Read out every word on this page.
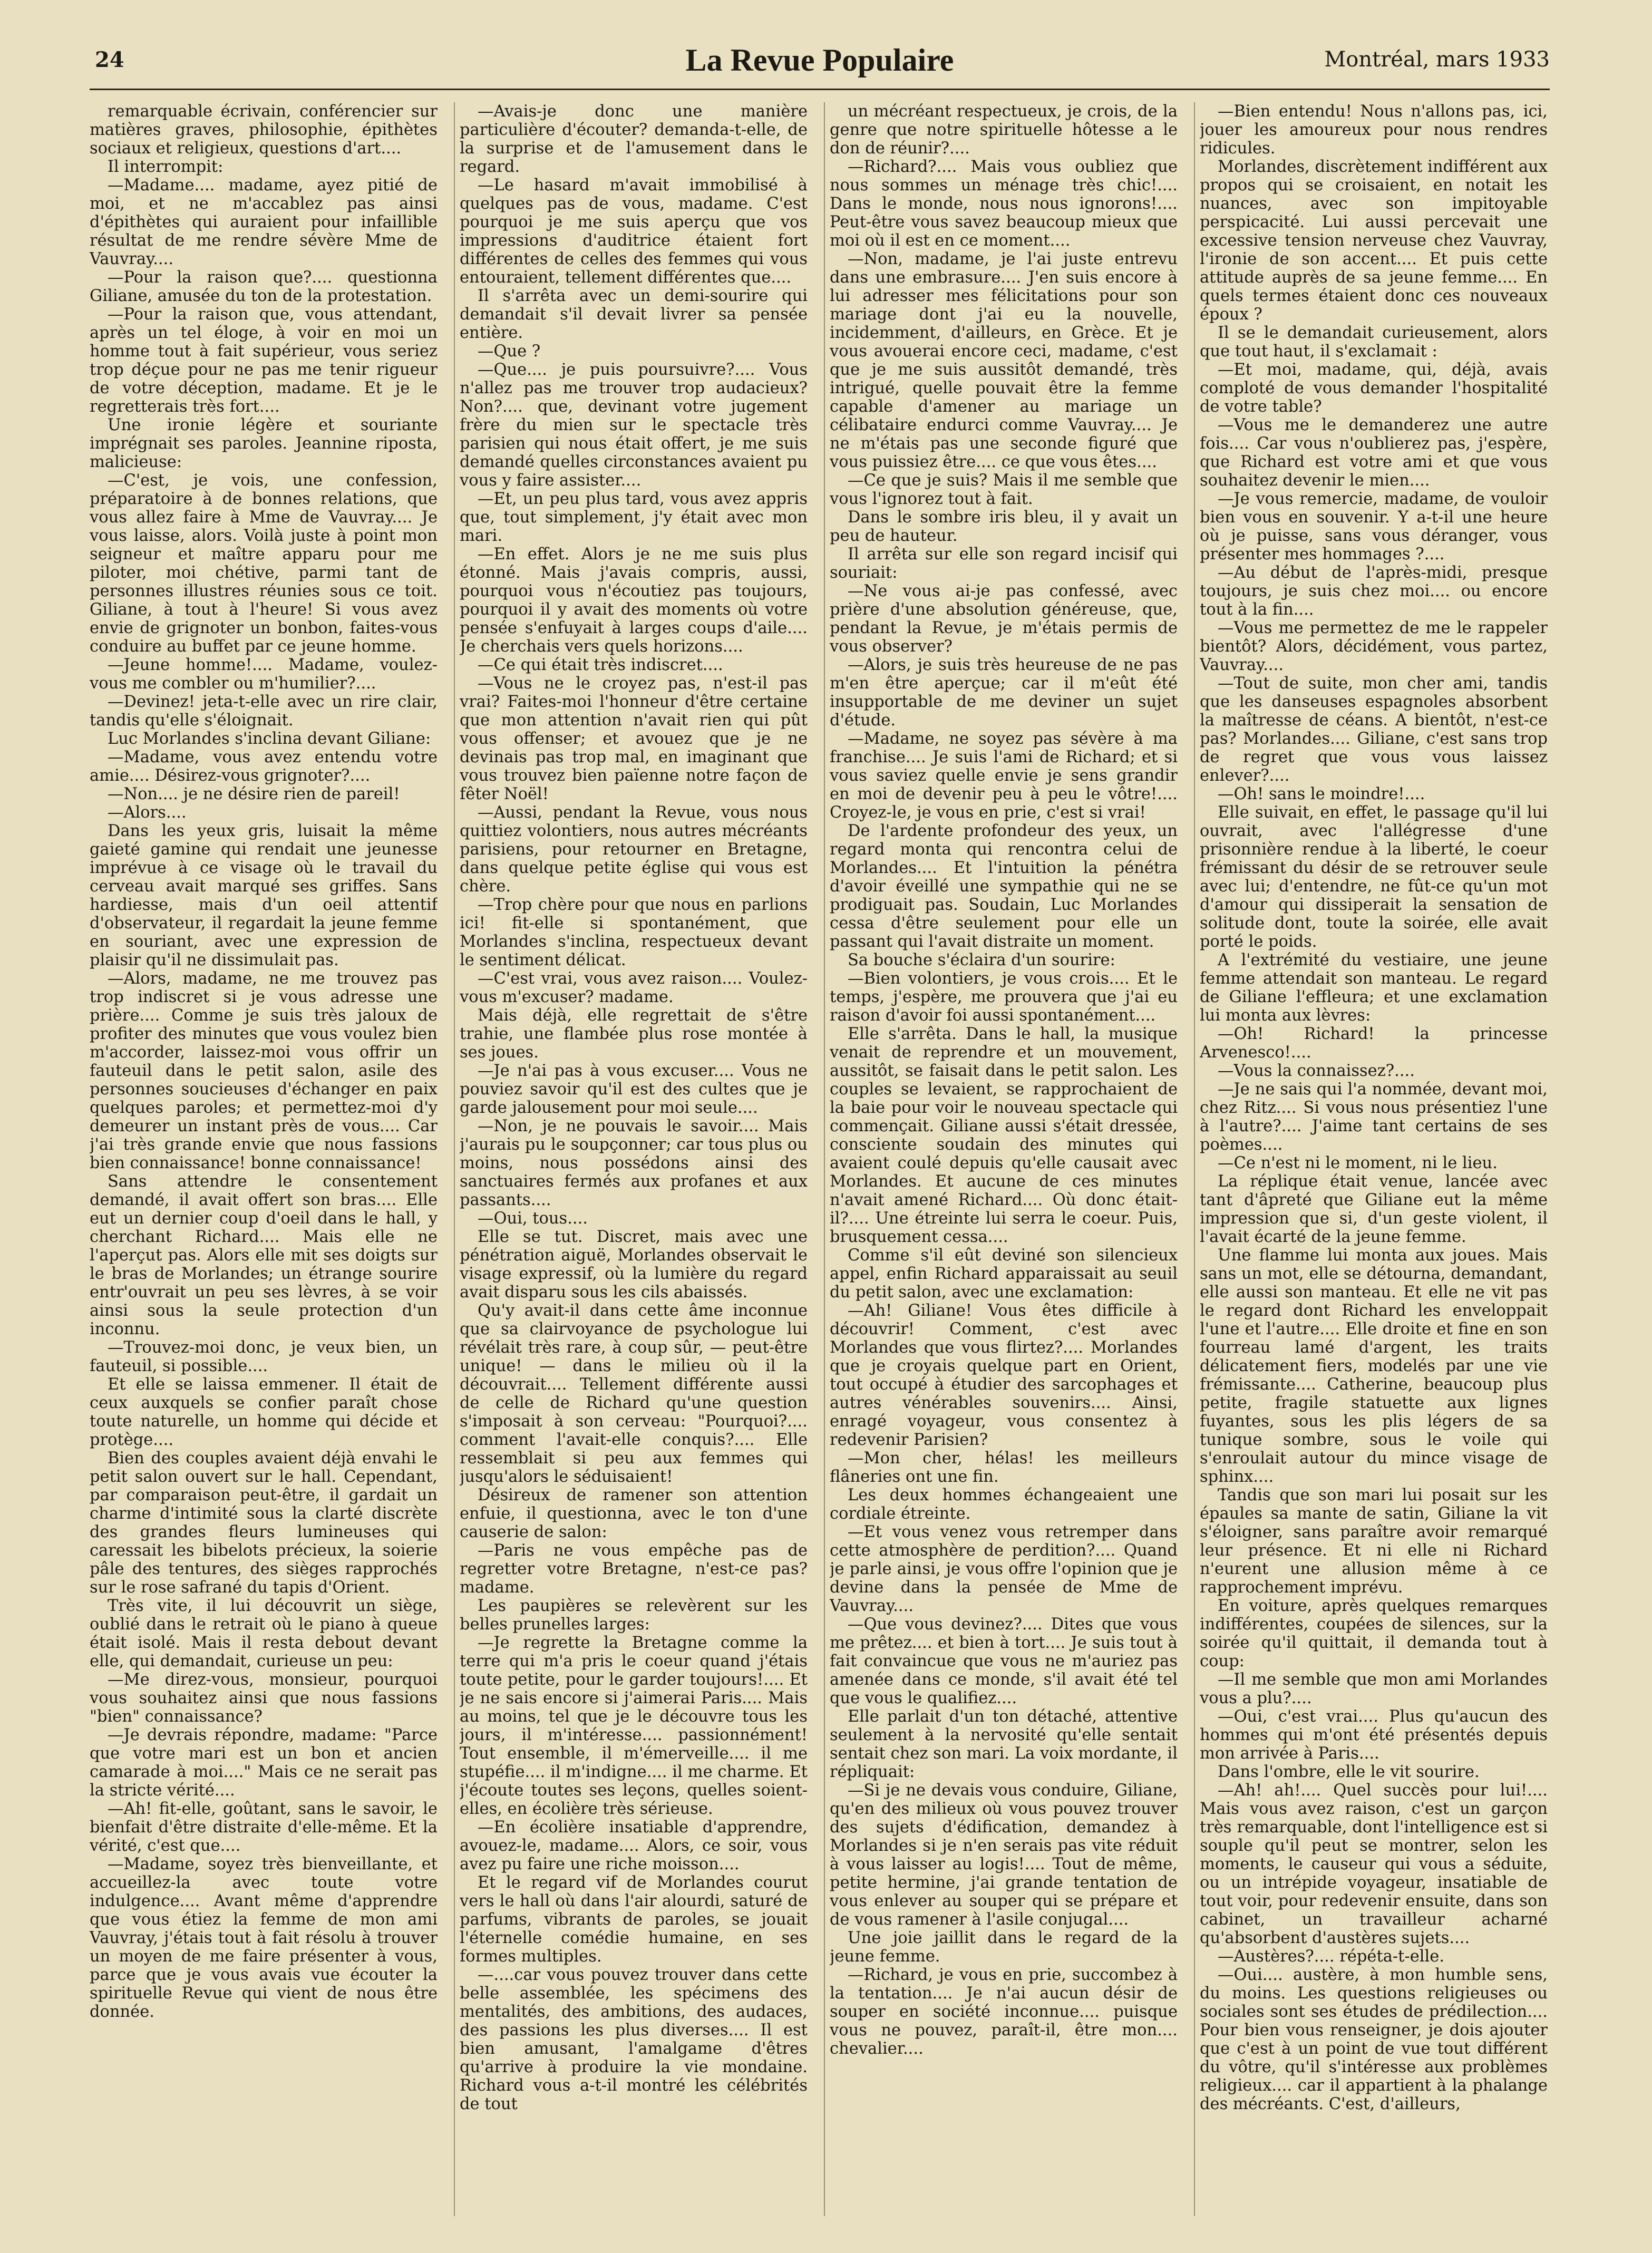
24	La Revue Populaire	Montréal, mars 1933

remarquable écrivain, conférencier sur matières graves, philosophie, épithètes sociaux et religieux, questions d'art....

Il interrompit:

—Madame.... madame, ayez pitié de moi, et ne m'accablez pas ainsi d'épithètes qui auraient pour infaillible résultat de me rendre sévère Mme de Vauvray....

—Pour la raison que?.... questionna Giliane, amusée du ton de la protestation.

—Pour la raison que, vous attendant, après un tel éloge, à voir en moi un homme tout à fait supérieur, vous seriez trop déçue pour ne pas me tenir rigueur de votre déception, madame. Et je le regretterais très fort....

Une ironie légère et souriante imprégnait ses paroles. Jeannine riposta, malicieuse:

—C'est, je vois, une confession, préparatoire à de bonnes relations, que vous allez faire à Mme de Vauvray.... Je vous laisse, alors. Voilà juste à point mon seigneur et maître apparu pour me piloter, moi chétive, parmi tant de personnes illustres réunies sous ce toit. Giliane, à tout à l'heure! Si vous avez envie de grignoter un bonbon, faites-vous conduire au buffet par ce jeune homme.

—Jeune homme!.... Madame, voulez-vous me combler ou m'humilier?....

—Devinez! jeta-t-elle avec un rire clair, tandis qu'elle s'éloignait.

Luc Morlandes s'inclina devant Giliane:

—Madame, vous avez entendu votre amie.... Désirez-vous grignoter?....

—Non.... je ne désire rien de pareil!

—Alors....

Dans les yeux gris, luisait la même gaieté gamine qui rendait une jeunesse imprévue à ce visage où le travail du cerveau avait marqué ses griffes. Sans hardiesse, mais d'un oeil attentif d'observateur, il regardait la jeune femme en souriant, avec une expression de plaisir qu'il ne dissimulait pas.

—Alors, madame, ne me trouvez pas trop indiscret si je vous adresse une prière.... Comme je suis très jaloux de profiter des minutes que vous voulez bien m'accorder, laissez-moi vous offrir un fauteuil dans le petit salon, asile des personnes soucieuses d'échanger en paix quelques paroles; et permettez-moi d'y demeurer un instant près de vous.... Car j'ai très grande envie que nous fassions bien connaissance! bonne connaissance!

Sans attendre le consentement demandé, il avait offert son bras.... Elle eut un dernier coup d'oeil dans le hall, y cherchant Richard.... Mais elle ne l'aperçut pas. Alors elle mit ses doigts sur le bras de Morlandes; un étrange sourire entr'ouvrait un peu ses lèvres, à se voir ainsi sous la seule protection d'un inconnu.

—Trouvez-moi donc, je veux bien, un fauteuil, si possible....

Et elle se laissa emmener. Il était de ceux auxquels se confier paraît chose toute naturelle, un homme qui décide et protège....

Bien des couples avaient déjà envahi le petit salon ouvert sur le hall. Cependant, par comparaison peut-être, il gardait un charme d'intimité sous la clarté discrète des grandes fleurs lumineuses qui caressait les bibelots précieux, la soierie pâle des tentures, des sièges rapprochés sur le rose safrané du tapis d'Orient.

Très vite, il lui découvrit un siège, oublié dans le retrait où le piano à queue était isolé. Mais il resta debout devant elle, qui demandait, curieuse un peu:

—Me direz-vous, monsieur, pourquoi vous souhaitez ainsi que nous fassions "bien" connaissance?

—Je devrais répondre, madame: "Parce que votre mari est un bon et ancien camarade à moi...." Mais ce ne serait pas la stricte vérité....

—Ah! fit-elle, goûtant, sans le savoir, le bienfait d'être distraite d'elle-même. Et la vérité, c'est que....

—Madame, soyez très bienveillante, et accueillez-la avec toute votre indulgence.... Avant même d'apprendre que vous étiez la femme de mon ami Vauvray, j'étais tout à fait résolu à trouver un moyen de me faire présenter à vous, parce que je vous avais vue écouter la spirituelle Revue qui vient de nous être donnée.

—Avais-je donc une manière particulière d'écouter? demanda-t-elle, de la surprise et de l'amusement dans le regard.

—Le hasard m'avait immobilisé à quelques pas de vous, madame. C'est pourquoi je me suis aperçu que vos impressions d'auditrice étaient fort différentes de celles des femmes qui vous entouraient, tellement différentes que....

Il s'arrêta avec un demi-sourire qui demandait s'il devait livrer sa pensée entière.

—Que ?

—Que.... je puis poursuivre?.... Vous n'allez pas me trouver trop audacieux? Non?.... que, devinant votre jugement frère du mien sur le spectacle très parisien qui nous était offert, je me suis demandé quelles circonstances avaient pu vous y faire assister....

—Et, un peu plus tard, vous avez appris que, tout simplement, j'y était avec mon mari.

—En effet. Alors je ne me suis plus étonné. Mais j'avais compris, aussi, pourquoi vous n'écoutiez pas toujours, pourquoi il y avait des moments où votre pensée s'enfuyait à larges coups d'aile.... Je cherchais vers quels horizons....

—Ce qui était très indiscret....

—Vous ne le croyez pas, n'est-il pas vrai? Faites-moi l'honneur d'être certaine que mon attention n'avait rien qui pût vous offenser; et avouez que je ne devinais pas trop mal, en imaginant que vous trouvez bien païenne notre façon de fêter Noël!

—Aussi, pendant la Revue, vous nous quittiez volontiers, nous autres mécréants parisiens, pour retourner en Bretagne, dans quelque petite église qui vous est chère.

—Trop chère pour que nous en parlions ici! fit-elle si spontanément, que Morlandes s'inclina, respectueux devant le sentiment délicat.

—C'est vrai, vous avez raison.... Voulez-vous m'excuser? madame.

Mais déjà, elle regrettait de s'être trahie, une flambée plus rose montée à ses joues.

—Je n'ai pas à vous excuser.... Vous ne pouviez savoir qu'il est des cultes que je garde jalousement pour moi seule....

—Non, je ne pouvais le savoir.... Mais j'aurais pu le soupçonner; car tous plus ou moins, nous possédons ainsi des sanctuaires fermés aux profanes et aux passants....

—Oui, tous....

Elle se tut. Discret, mais avec une pénétration aiguë, Morlandes observait le visage expressif, où la lumière du regard avait disparu sous les cils abaissés.

Qu'y avait-il dans cette âme inconnue que sa clairvoyance de psychologue lui révélait très rare, à coup sûr, — peut-être unique! — dans le milieu où il la découvrait.... Tellement différente aussi de celle de Richard qu'une question s'imposait à son cerveau: "Pourquoi?.... comment l'avait-elle conquis?.... Elle ressemblait si peu aux femmes qui jusqu'alors le séduisaient!

Désireux de ramener son attention enfuie, il questionna, avec le ton d'une causerie de salon:

—Paris ne vous empêche pas de regretter votre Bretagne, n'est-ce pas? madame.

Les paupières se relevèrent sur les belles prunelles larges:

—Je regrette la Bretagne comme la terre qui m'a pris le coeur quand j'étais toute petite, pour le garder toujours!.... Et je ne sais encore si j'aimerai Paris.... Mais au moins, tel que je le découvre tous les jours, il m'intéresse.... passionnément! Tout ensemble, il m'émerveille.... il me stupéfie.... il m'indigne.... il me charme. Et j'écoute toutes ses leçons, quelles soient-elles, en écolière très sérieuse.

—En écolière insatiable d'apprendre, avouez-le, madame.... Alors, ce soir, vous avez pu faire une riche moisson....

Et le regard vif de Morlandes courut vers le hall où dans l'air alourdi, saturé de parfums, vibrants de paroles, se jouait l'éternelle comédie humaine, en ses formes multiples.

—....car vous pouvez trouver dans cette belle assemblée, les spécimens des mentalités, des ambitions, des audaces, des passions les plus diverses.... Il est bien amusant, l'amalgame d'êtres qu'arrive à produire la vie mondaine. Richard vous a-t-il montré les célébrités de tout

un mécréant respectueux, je crois, de la genre que notre spirituelle hôtesse a le don de réunir?....

—Richard?.... Mais vous oubliez que nous sommes un ménage très chic!.... Dans le monde, nous nous ignorons!.... Peut-être vous savez beaucoup mieux que moi où il est en ce moment....

—Non, madame, je l'ai juste entrevu dans une embrasure.... J'en suis encore à lui adresser mes félicitations pour son mariage dont j'ai eu la nouvelle, incidemment, d'ailleurs, en Grèce. Et je vous avouerai encore ceci, madame, c'est que je me suis aussitôt demandé, très intrigué, quelle pouvait être la femme capable d'amener au mariage un célibataire endurci comme Vauvray.... Je ne m'étais pas une seconde figuré que vous puissiez être.... ce que vous êtes....

—Ce que je suis? Mais il me semble que vous l'ignorez tout à fait.

Dans le sombre iris bleu, il y avait un peu de hauteur.

Il arrêta sur elle son regard incisif qui souriait:

—Ne vous ai-je pas confessé, avec prière d'une absolution généreuse, que, pendant la Revue, je m'étais permis de vous observer?

—Alors, je suis très heureuse de ne pas m'en être aperçue; car il m'eût été insupportable de me deviner un sujet d'étude.

—Madame, ne soyez pas sévère à ma franchise.... Je suis l'ami de Richard; et si vous saviez quelle envie je sens grandir en moi de devenir peu à peu le vôtre!.... Croyez-le, je vous en prie, c'est si vrai!

De l'ardente profondeur des yeux, un regard monta qui rencontra celui de Morlandes.... Et l'intuition la pénétra d'avoir éveillé une sympathie qui ne se prodiguait pas. Soudain, Luc Morlandes cessa d'être seulement pour elle un passant qui l'avait distraite un moment.

Sa bouche s'éclaira d'un sourire:

—Bien volontiers, je vous crois.... Et le temps, j'espère, me prouvera que j'ai eu raison d'avoir foi aussi spontanément....

Elle s'arrêta. Dans le hall, la musique venait de reprendre et un mouvement, aussitôt, se faisait dans le petit salon. Les couples se levaient, se rapprochaient de la baie pour voir le nouveau spectacle qui commençait. Giliane aussi s'était dressée, consciente soudain des minutes qui avaient coulé depuis qu'elle causait avec Morlandes. Et aucune de ces minutes n'avait amené Richard.... Où donc était-il?.... Une étreinte lui serra le coeur. Puis, brusquement cessa....

Comme s'il eût deviné son silencieux appel, enfin Richard apparaissait au seuil du petit salon, avec une exclamation:

—Ah! Giliane! Vous êtes difficile à découvrir! Comment, c'est avec Morlandes que vous flirtez?.... Morlandes que je croyais quelque part en Orient, tout occupé à étudier des sarcophages et autres vénérables souvenirs.... Ainsi, enragé voyageur, vous consentez à redevenir Parisien?

—Mon cher, hélas! les meilleurs flâneries ont une fin.

Les deux hommes échangeaient une cordiale étreinte.

—Et vous venez vous retremper dans cette atmosphère de perdition?.... Quand je parle ainsi, je vous offre l'opinion que je devine dans la pensée de Mme de Vauvray....

—Que vous devinez?.... Dites que vous me prêtez.... et bien à tort.... Je suis tout à fait convaincue que vous ne m'auriez pas amenée dans ce monde, s'il avait été tel que vous le qualifiez....

Elle parlait d'un ton détaché, attentive seulement à la nervosité qu'elle sentait sentait chez son mari. La voix mordante, il répliquait:

—Si je ne devais vous conduire, Giliane, qu'en des milieux où vous pouvez trouver des sujets d'édification, demandez à Morlandes si je n'en serais pas vite réduit à vous laisser au logis!.... Tout de même, petite hermine, j'ai grande tentation de vous enlever au souper qui se prépare et de vous ramener à l'asile conjugal....

Une joie jaillit dans le regard de la jeune femme.

—Richard, je vous en prie, succombez à la tentation.... Je n'ai aucun désir de souper en société inconnue.... puisque vous ne pouvez, paraît-il, être mon.... chevalier....

—Bien entendu! Nous n'allons pas, ici, jouer les amoureux pour nous rendres ridicules.

Morlandes, discrètement indifférent aux propos qui se croisaient, en notait les nuances, avec son impitoyable perspicacité. Lui aussi percevait une excessive tension nerveuse chez Vauvray, l'ironie de son accent.... Et puis cette attitude auprès de sa jeune femme.... En quels termes étaient donc ces nouveaux époux ?

Il se le demandait curieusement, alors que tout haut, il s'exclamait :

—Et moi, madame, qui, déjà, avais comploté de vous demander l'hospitalité de votre table?

—Vous me le demanderez une autre fois.... Car vous n'oublierez pas, j'espère, que Richard est votre ami et que vous souhaitez devenir le mien....

—Je vous remercie, madame, de vouloir bien vous en souvenir. Y a-t-il une heure où je puisse, sans vous déranger, vous présenter mes hommages ?....

—Au début de l'après-midi, presque toujours, je suis chez moi.... ou encore tout à la fin....

—Vous me permettez de me le rappeler bientôt? Alors, décidément, vous partez, Vauvray....

—Tout de suite, mon cher ami, tandis que les danseuses espagnoles absorbent la maîtresse de céans. A bientôt, n'est-ce pas? Morlandes.... Giliane, c'est sans trop de regret que vous vous laissez enlever?....

—Oh! sans le moindre!....

Elle suivait, en effet, le passage qu'il lui ouvrait, avec l'allégresse d'une prisonnière rendue à la liberté, le coeur frémissant du désir de se retrouver seule avec lui; d'entendre, ne fût-ce qu'un mot d'amour qui dissiperait la sensation de solitude dont, toute la soirée, elle avait porté le poids.

A l'extrémité du vestiaire, une jeune femme attendait son manteau. Le regard de Giliane l'effleura; et une exclamation lui monta aux lèvres:

—Oh! Richard! la princesse Arvenesco!....

—Vous la connaissez?....

—Je ne sais qui l'a nommée, devant moi, chez Ritz.... Si vous nous présentiez l'une à l'autre?.... J'aime tant certains de ses poèmes....

—Ce n'est ni le moment, ni le lieu.

La réplique était venue, lancée avec tant d'âpreté que Giliane eut la même impression que si, d'un geste violent, il l'avait écarté de la jeune femme.

Une flamme lui monta aux joues. Mais sans un mot, elle se détourna, demandant, elle aussi son manteau. Et elle ne vit pas le regard dont Richard les enveloppait l'une et l'autre.... Elle droite et fine en son fourreau lamé d'argent, les traits délicatement fiers, modelés par une vie frémissante.... Catherine, beaucoup plus petite, fragile statuette aux lignes fuyantes, sous les plis légers de sa tunique sombre, sous le voile qui s'enroulait autour du mince visage de sphinx....

Tandis que son mari lui posait sur les épaules sa mante de satin, Giliane la vit s'éloigner, sans paraître avoir remarqué leur présence. Et ni elle ni Richard n'eurent une allusion même à ce rapprochement imprévu.

En voiture, après quelques remarques indifférentes, coupées de silences, sur la soirée qu'il quittait, il demanda tout à coup:

—Il me semble que mon ami Morlandes vous a plu?....

—Oui, c'est vrai.... Plus qu'aucun des hommes qui m'ont été présentés depuis mon arrivée à Paris....

Dans l'ombre, elle le vit sourire.

—Ah! ah!.... Quel succès pour lui!.... Mais vous avez raison, c'est un garçon très remarquable, dont l'intelligence est si souple qu'il peut se montrer, selon les moments, le causeur qui vous a séduite, ou un intrépide voyageur, insatiable de tout voir, pour redevenir ensuite, dans son cabinet, un travailleur acharné qu'absorbent d'austères sujets....

—Austères?.... répéta-t-elle.

—Oui.... austère, à mon humble sens, du moins. Les questions religieuses ou sociales sont ses études de prédilection.... Pour bien vous renseigner, je dois ajouter que c'est à un point de vue tout différent du vôtre, qu'il s'intéresse aux problèmes religieux.... car il appartient à la phalange des mécréants. C'est, d'ailleurs,
